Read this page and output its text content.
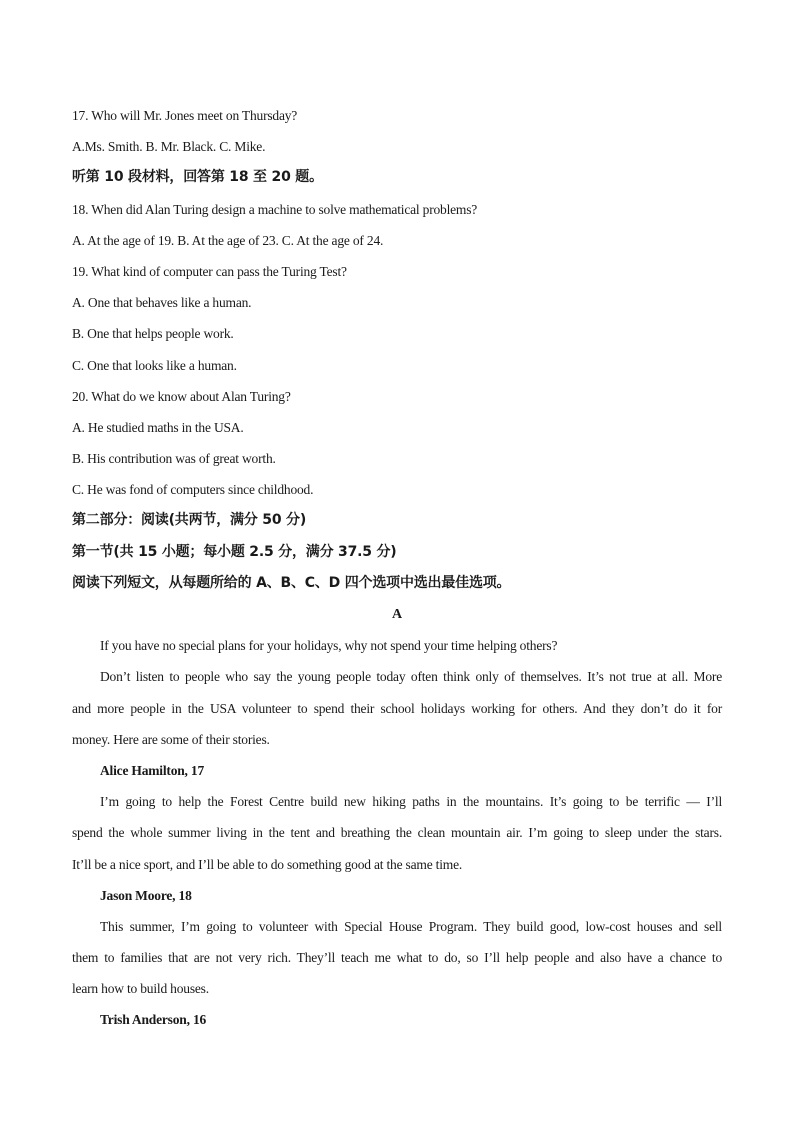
17. Who will Mr. Jones meet on Thursday?
A.Ms. Smith. B. Mr. Black. C. Mike.
听第 10 段材料，回答第 18 至 20 题。
18. When did Alan Turing design a machine to solve mathematical problems?
A. At the age of 19. B. At the age of 23. C. At the age of 24.
19. What kind of computer can pass the Turing Test?
A. One that behaves like a human.
B. One that helps people work.
C. One that looks like a human.
20. What do we know about Alan Turing?
A. He studied maths in the USA.
B. His contribution was of great worth.
C. He was fond of computers since childhood.
第二部分：阅读(共两节，满分 50 分)
第一节(共 15 小题；每小题 2.5 分，满分 37.5 分)
阅读下列短文，从每题所给的 A、B、C、D 四个选项中选出最佳选项。
A
If you have no special plans for your holidays, why not spend your time helping others?
Don’t listen to people who say the young people today often think only of themselves. It’s not true at all. More
and more people in the USA volunteer to spend their school holidays working for others. And they don’t do it for
money. Here are some of their stories.
Alice Hamilton, 17
I’m going to help the Forest Centre build new hiking paths in the mountains. It’s going to be terrific — I’ll
spend the whole summer living in the tent and breathing the clean mountain air. I’m going to sleep under the stars.
It’ll be a nice sport, and I’ll be able to do something good at the same time.
Jason Moore, 18
This summer, I’m going to volunteer with Special House Program. They build good, low-cost houses and sell
them to families that are not very rich. They’ll teach me what to do, so I’ll help people and also have a chance to
learn how to build houses.
Trish Anderson, 16
